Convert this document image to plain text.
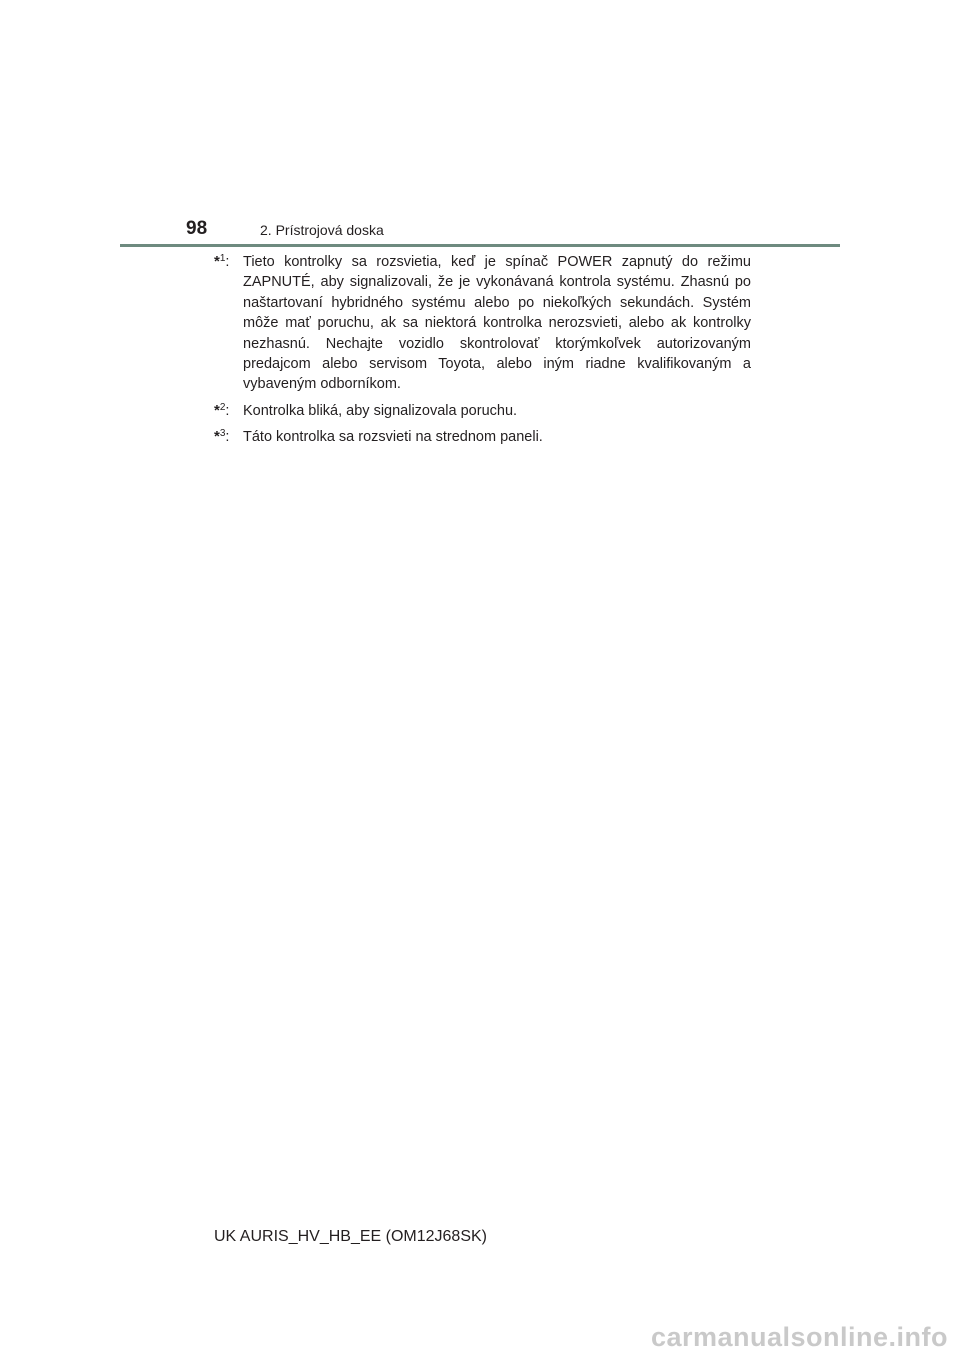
98	2. Prístrojová doska
*$^1$: Tieto kontrolky sa rozsvietia, keď je spínač POWER zapnutý do režimu ZAPNUTÉ, aby signalizovali, že je vykonávaná kontrola systému. Zhasnú po naštartovaní hybridného systému alebo po niekoľkých sekundách. Systém môže mať poruchu, ak sa niektorá kontrolka nerozsvieti, alebo ak kontrolky nezhasnú. Nechajte vozidlo skontrolovať ktorýmkoľvek autorizovaným predajcom alebo servisom Toyota, alebo iným riadne kvalifikovaným a vybaveným odborníkom.
*$^2$: Kontrolka bliká, aby signalizovala poruchu.
*$^3$: Táto kontrolka sa rozsvieti na strednom paneli.
UK AURIS_HV_HB_EE (OM12J68SK)
carmanualsonline.info
